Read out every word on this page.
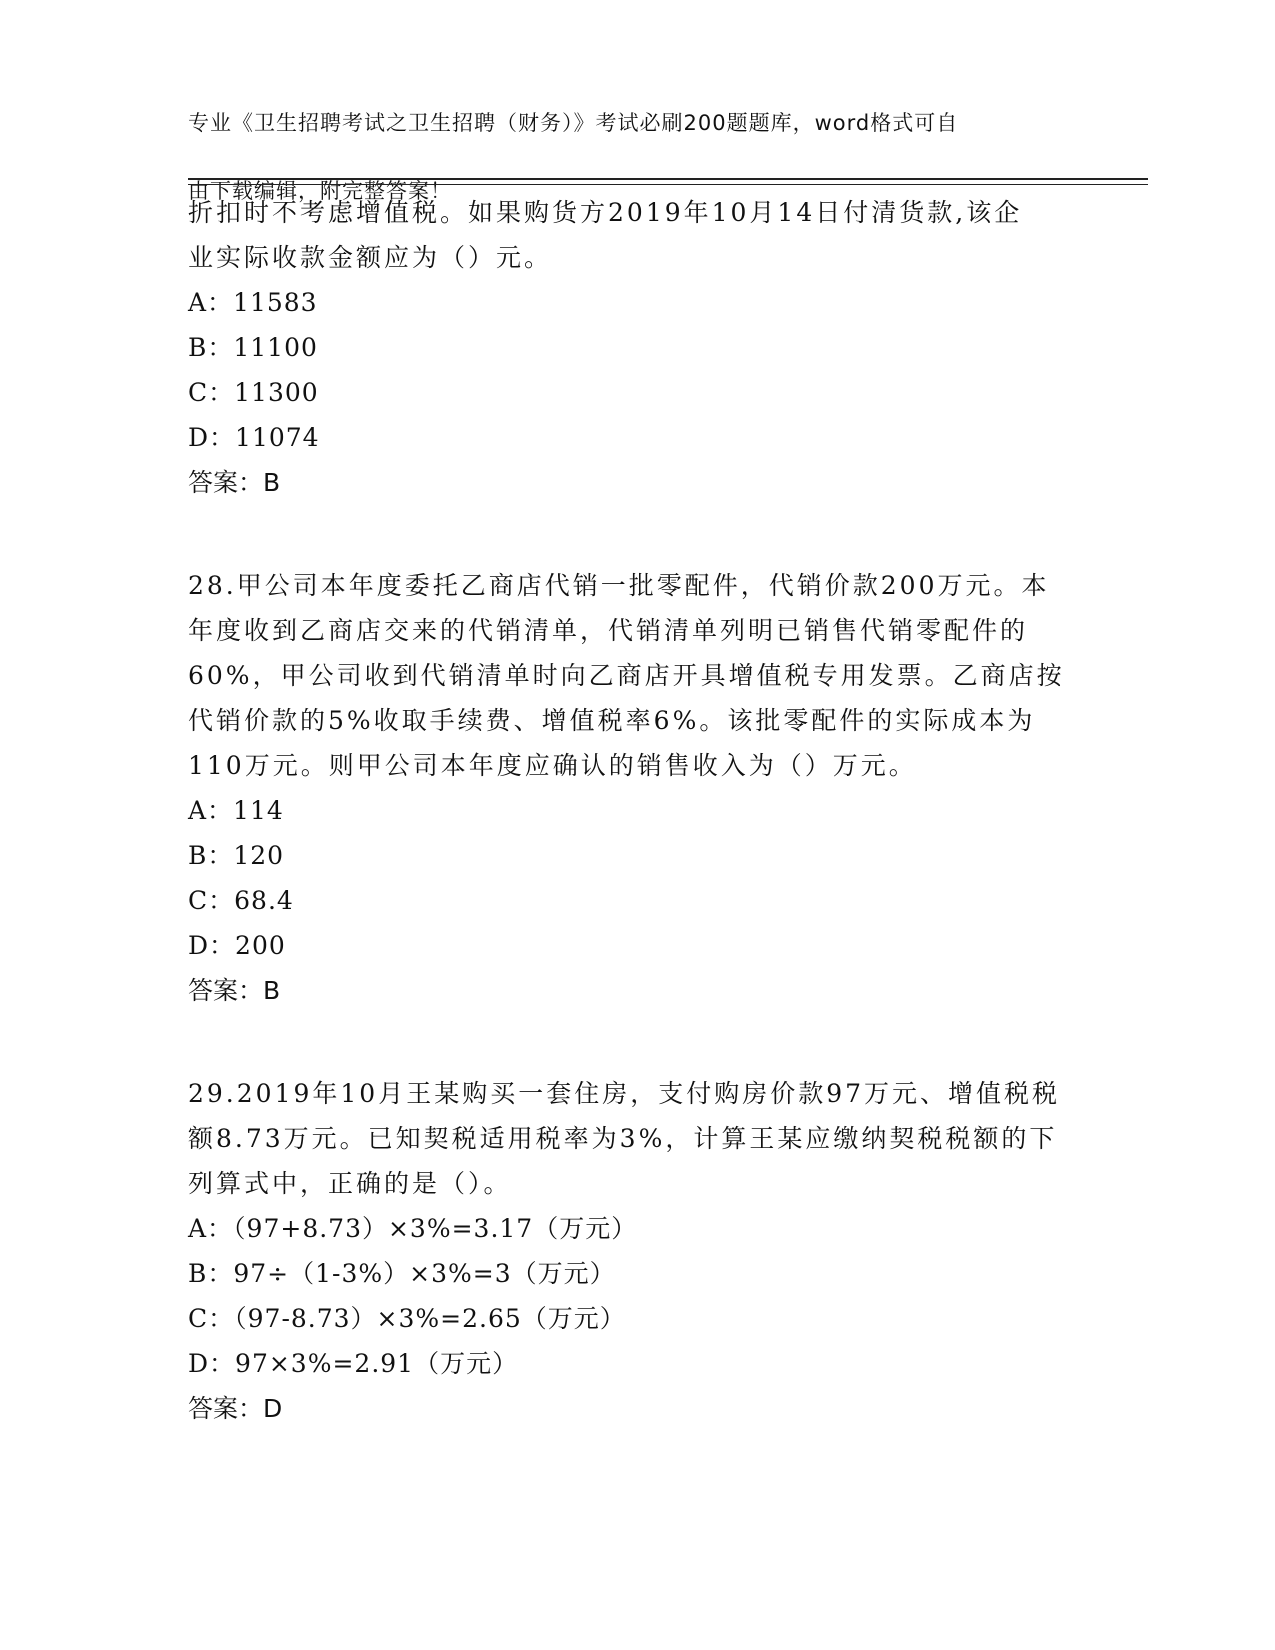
专业《卫生招聘考试之卫生招聘（财务）》考试必刷200题题库，word格式可自

由下载编辑，附完整答案！

折扣时不考虑增值税。如果购货方2019年10月14日付清货款,该企
业实际收款金额应为（）元。

A：11583
B：11100
C：11300
D：11074
答案：B

28.甲公司本年度委托乙商店代销一批零配件，代销价款200万元。本
年度收到乙商店交来的代销清单，代销清单列明已销售代销零配件的
60%，甲公司收到代销清单时向乙商店开具增值税专用发票。乙商店按
代销价款的5%收取手续费、增值税率6%。该批零配件的实际成本为
110万元。则甲公司本年度应确认的销售收入为（）万元。

A：114
B：120
C：68.4
D：200
答案：B

29.2019年10月王某购买一套住房，支付购房价款97万元、增值税税
额8.73万元。已知契税适用税率为3%，计算王某应缴纳契税税额的下
列算式中，正确的是（）。

A：（97+8.73）×3%=3.17（万元）
B：97÷（1-3%）×3%=3（万元）
C：（97-8.73）×3%=2.65（万元）
D：97×3%=2.91（万元）
答案：D
